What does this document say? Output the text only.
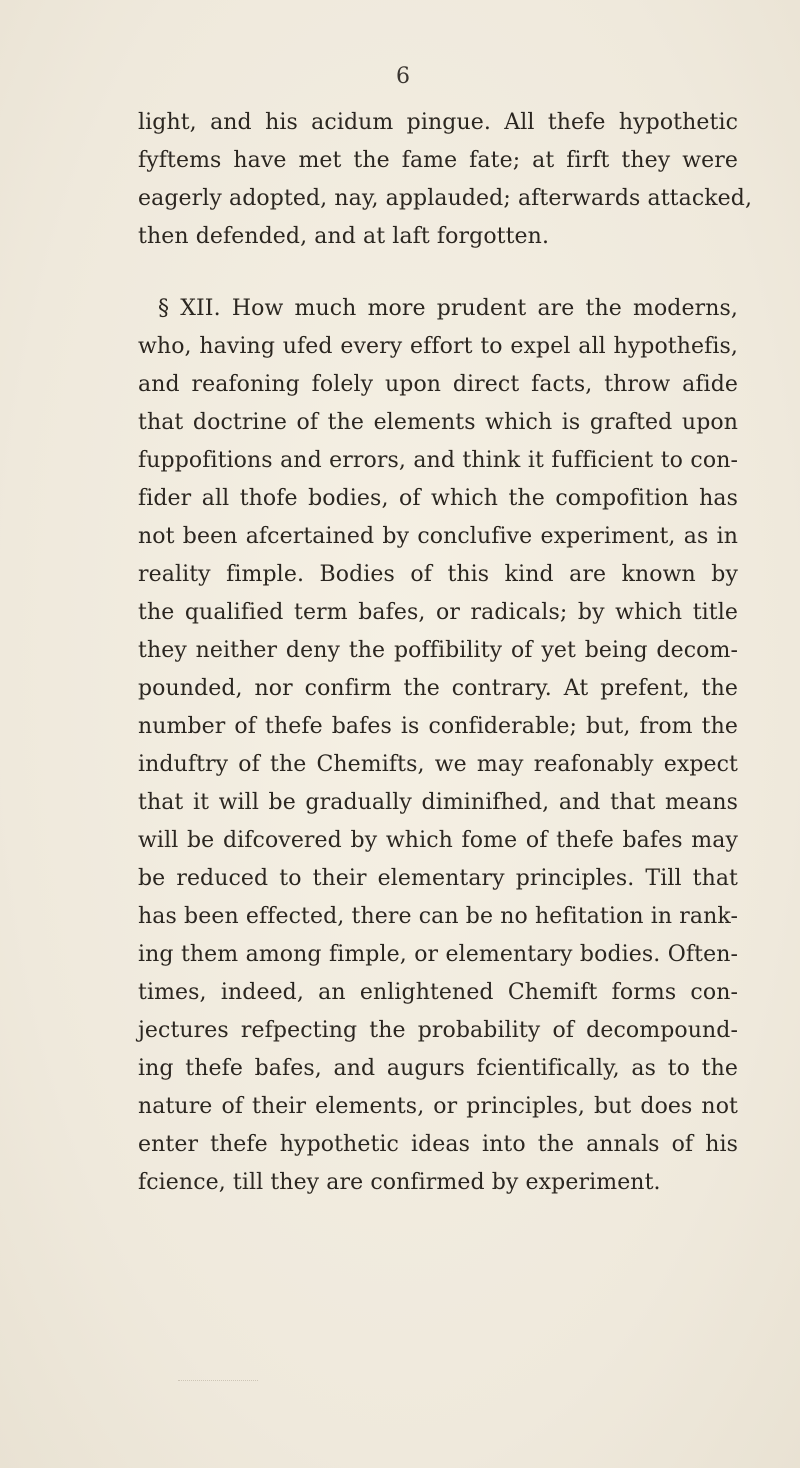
6
light, and his acidum pingue. All thefe hypothetic
fyftems have met the fame fate; at firft they were
eagerly adopted, nay, applauded; afterwards attacked,
then defended, and at laft forgotten.
§ XII. How much more prudent are the moderns,
who, having ufed every effort to expel all hypothefis,
and reafoning folely upon direct facts, throw afide
that doctrine of the elements which is grafted upon
fuppofitions and errors, and think it fufficient to con-
fider all thofe bodies, of which the compofition has
not been afcertained by conclufive experiment, as in
reality fimple. Bodies of this kind are known by
the qualified term bafes, or radicals; by which title
they neither deny the poffibility of yet being decom-
pounded, nor confirm the contrary. At prefent, the
number of thefe bafes is confiderable; but, from the
induftry of the Chemifts, we may reafonably expect
that it will be gradually diminifhed, and that means
will be difcovered by which fome of thefe bafes may
be reduced to their elementary principles. Till that
has been effected, there can be no hefitation in rank-
ing them among fimple, or elementary bodies. Often-
times, indeed, an enlightened Chemift forms con-
jectures refpecting the probability of decompound-
ing thefe bafes, and augurs fcientifically, as to the
nature of their elements, or principles, but does not
enter thefe hypothetic ideas into the annals of his
fcience, till they are confirmed by experiment.
